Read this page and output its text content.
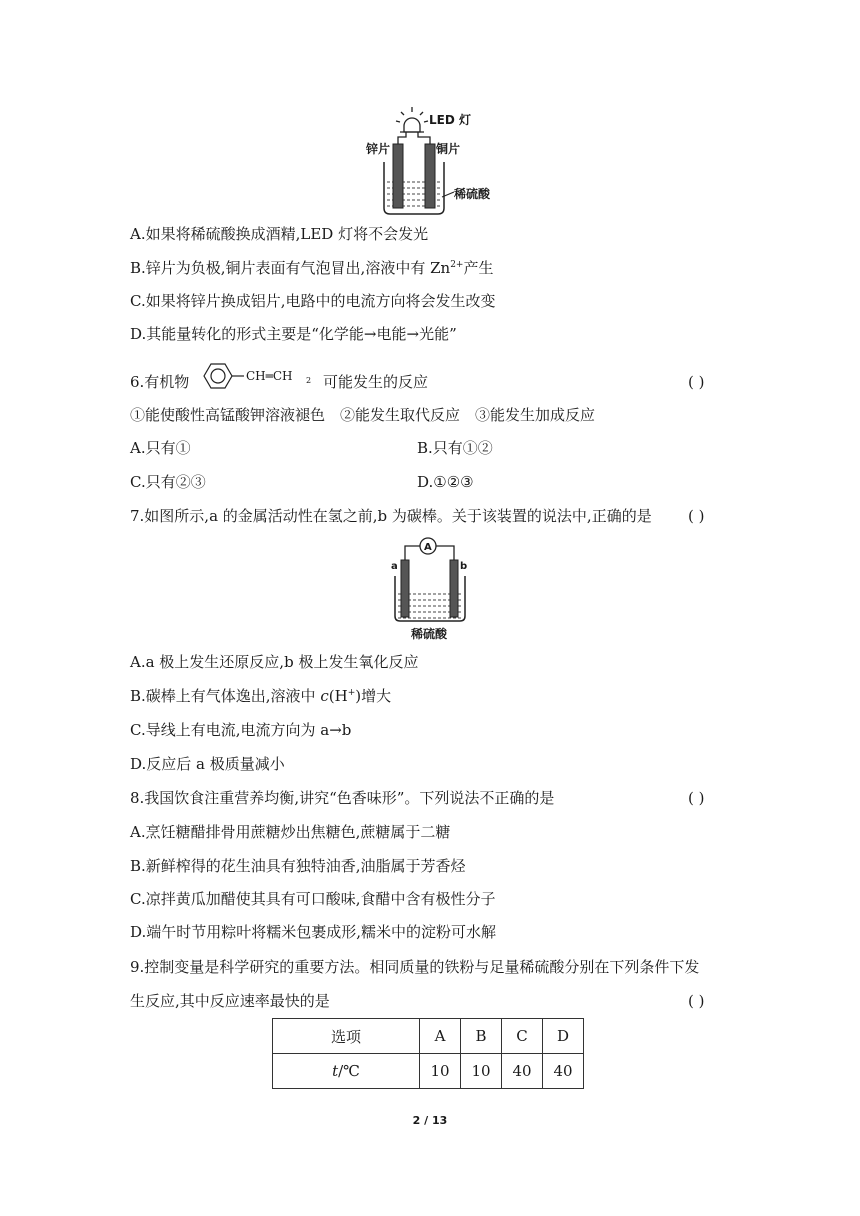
LED 灯
锌片	铜片
稀硫酸
A.如果将稀硫酸换成酒精,LED 灯将不会发光
B.锌片为负极,铜片表面有气泡冒出,溶液中有 $Zn^{2+}$产生
C.如果将锌片换成铝片,电路中的电流方向将会发生改变
D.其能量转化的形式主要是“化学能→电能→光能”
6.有机物	CH═CH 2 可能发生的反应	( )
①能使酸性高锰酸钾溶液褪色　②能发生取代反应　③能发生加成反应
A.只有①	B.只有①②
C.只有②③	D.①②③
7.如图所示,a 的金属活动性在氢之前,b 为碳棒。关于该装置的说法中,正确的是 ( )
A
a	b
稀硫酸
A.a 极上发生还原反应,b 极上发生氧化反应
B.碳棒上有气体逸出,溶液中 c(H+)增大
C.导线上有电流,电流方向为 a→b
D.反应后 a 极质量减小
8.我国饮食注重营养均衡,讲究“色香味形”。下列说法不正确的是	( )
A.烹饪糖醋排骨用蔗糖炒出焦糖色,蔗糖属于二糖
B.新鲜榨得的花生油具有独特油香,油脂属于芳香烃
C.凉拌黄瓜加醋使其具有可口酸味,食醋中含有极性分子
D.端午时节用粽叶将糯米包裹成形,糯米中的淀粉可水解
9.控制变量是科学研究的重要方法。相同质量的铁粉与足量稀硫酸分别在下列条件下发
生反应,其中反应速率最快的是	( )
选项	A	B	C	D
t/℃	10	10	40	40
2 / 13
